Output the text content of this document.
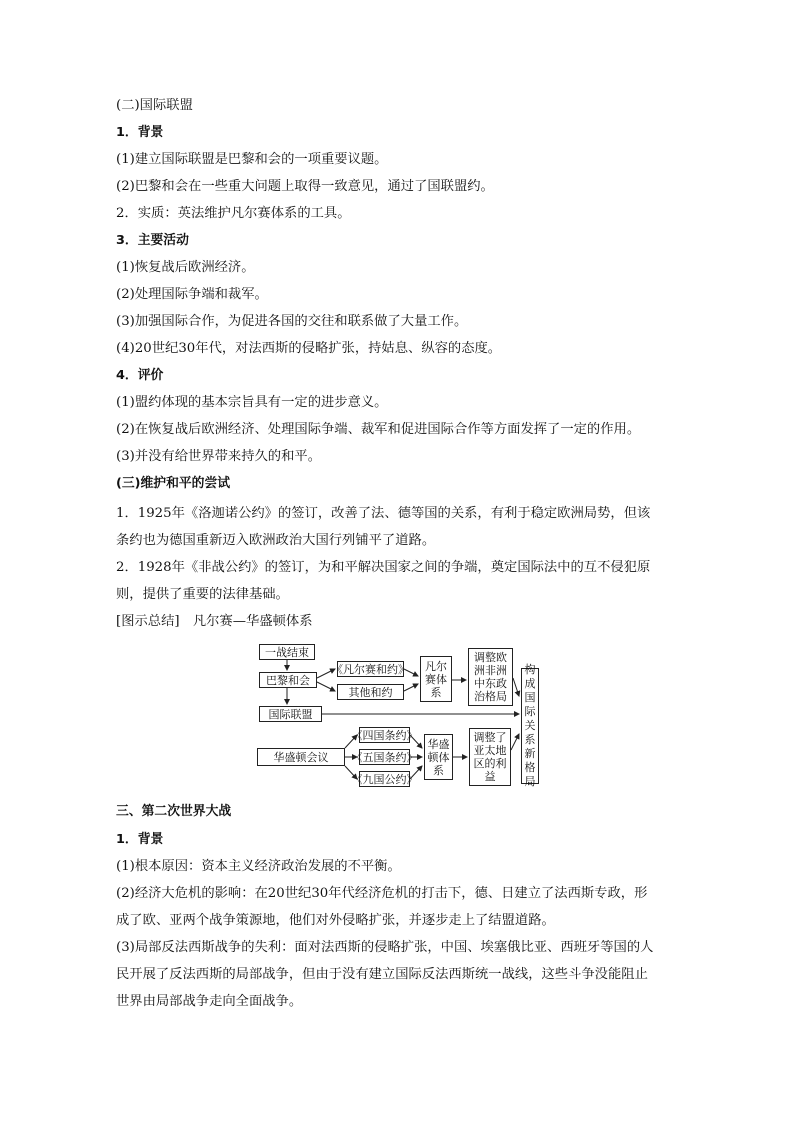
(二)国际联盟
1．背景
(1)建立国际联盟是巴黎和会的一项重要议题。
(2)巴黎和会在一些重大问题上取得一致意见，通过了国联盟约。
2．实质：英法维护凡尔赛体系的工具。
3．主要活动
(1)恢复战后欧洲经济。
(2)处理国际争端和裁军。
(3)加强国际合作，为促进各国的交往和联系做了大量工作。
(4)20世纪30年代，对法西斯的侵略扩张，持姑息、纵容的态度。
4．评价
(1)盟约体现的基本宗旨具有一定的进步意义。
(2)在恢复战后欧洲经济、处理国际争端、裁军和促进国际合作等方面发挥了一定的作用。
(3)并没有给世界带来持久的和平。
(三)维护和平的尝试
1．1925年《洛迦诺公约》的签订，改善了法、德等国的关系，有利于稳定欧洲局势，但该
条约也为德国重新迈入欧洲政治大国行列铺平了道路。
2．1928年《非战公约》的签订，为和平解决国家之间的争端，奠定国际法中的互不侵犯原
则，提供了重要的法律基础。
[图示总结]　凡尔赛—华盛顿体系
一战结束
巴黎和会
《凡尔赛和约》
其他和约
凡尔赛体系
调整欧洲非洲中东政治格局
国际联盟
构成国际关系新格局
华盛顿会议
《四国条约》
《五国条约》
《九国公约》
华盛顿体系
调整了亚太地区的利益
三、第二次世界大战
1．背景
(1)根本原因：资本主义经济政治发展的不平衡。
(2)经济大危机的影响：在20世纪30年代经济危机的打击下，德、日建立了法西斯专政，形
成了欧、亚两个战争策源地，他们对外侵略扩张，并逐步走上了结盟道路。
(3)局部反法西斯战争的失利：面对法西斯的侵略扩张，中国、埃塞俄比亚、西班牙等国的人
民开展了反法西斯的局部战争，但由于没有建立国际反法西斯统一战线，这些斗争没能阻止
世界由局部战争走向全面战争。
